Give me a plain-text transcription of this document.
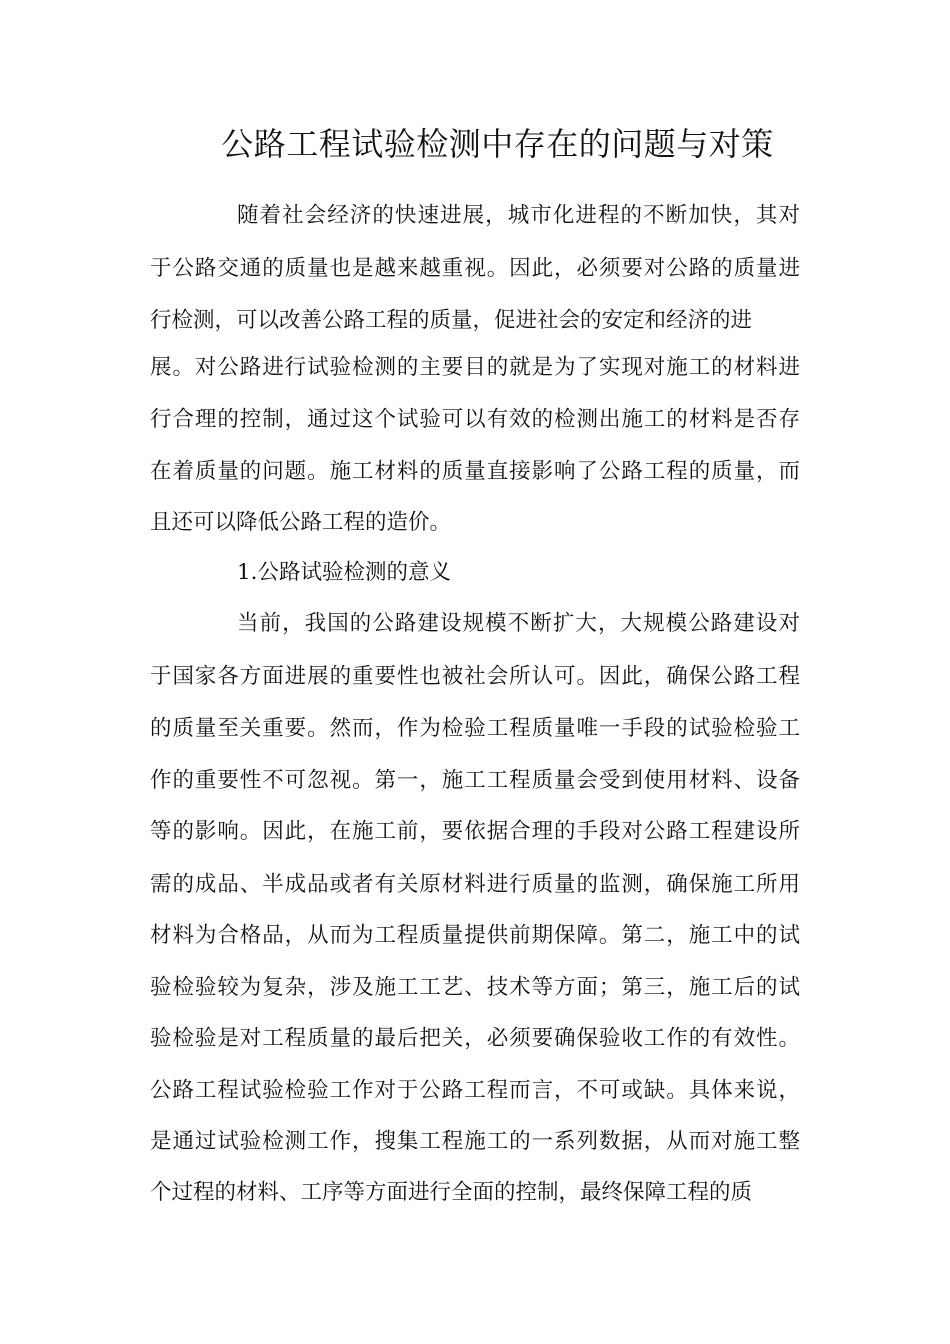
公路工程试验检测中存在的问题与对策

随着社会经济的快速进展，城市化进程的不断加快，其对

于公路交通的质量也是越来越重视。因此，必须要对公路的质量进

行检测，可以改善公路工程的质量，促进社会的安定和经济的进

展。对公路进行试验检测的主要目的就是为了实现对施工的材料进

行合理的控制，通过这个试验可以有效的检测出施工的材料是否存

在着质量的问题。施工材料的质量直接影响了公路工程的质量，而

且还可以降低公路工程的造价。

1.公路试验检测的意义

当前，我国的公路建设规模不断扩大，大规模公路建设对

于国家各方面进展的重要性也被社会所认可。因此，确保公路工程

的质量至关重要。然而，作为检验工程质量唯一手段的试验检验工

作的重要性不可忽视。第一，施工工程质量会受到使用材料、设备

等的影响。因此，在施工前，要依据合理的手段对公路工程建设所

需的成品、半成品或者有关原材料进行质量的监测，确保施工所用

材料为合格品，从而为工程质量提供前期保障。第二，施工中的试

验检验较为复杂，涉及施工工艺、技术等方面；第三，施工后的试

验检验是对工程质量的最后把关，必须要确保验收工作的有效性。

公路工程试验检验工作对于公路工程而言，不可或缺。具体来说，

是通过试验检测工作，搜集工程施工的一系列数据，从而对施工整

个过程的材料、工序等方面进行全面的控制，最终保障工程的质
